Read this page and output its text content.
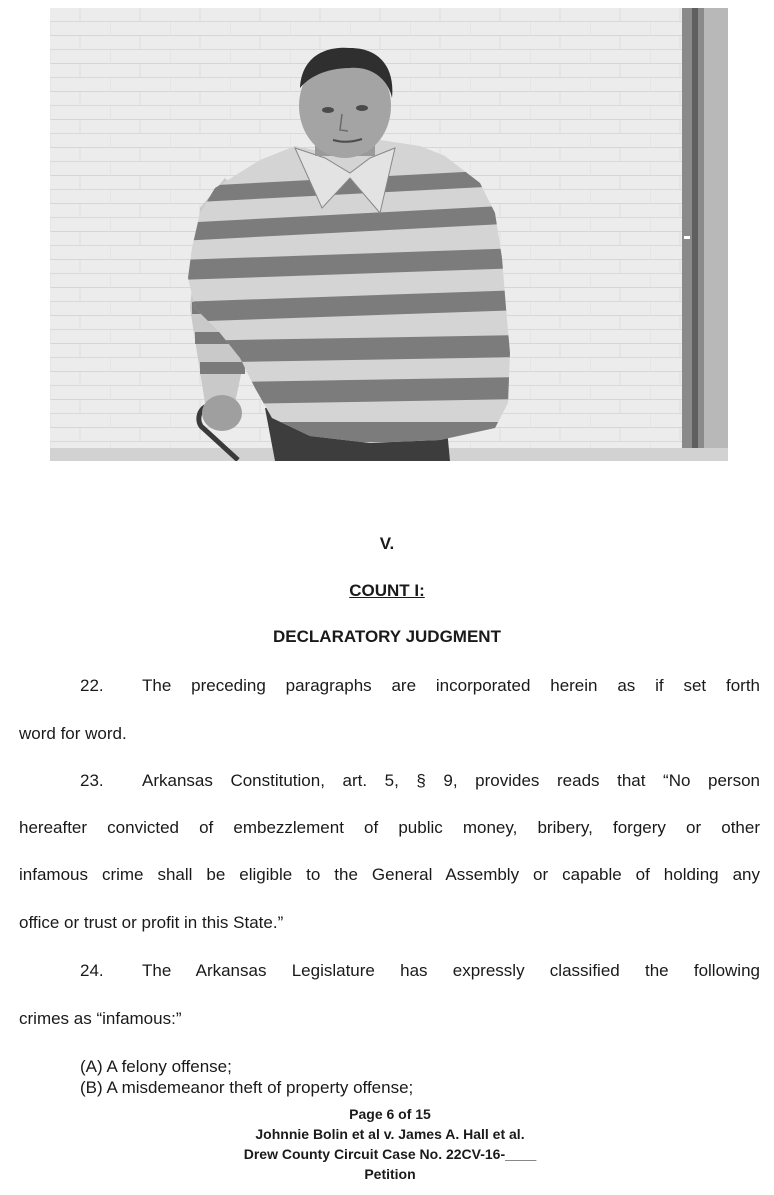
V.
COUNT I:
DECLARATORY JUDGMENT
22. The preceding paragraphs are incorporated herein as if set forth
word for word.
23. Arkansas Constitution, art. 5, § 9, provides reads that “No person
hereafter convicted of embezzlement of public money, bribery, forgery or other
infamous crime shall be eligible to the General Assembly or capable of holding any
office or trust or profit in this State.”
24. The Arkansas Legislature has expressly classified the following
crimes as “infamous:”
(A) A felony offense;
(B) A misdemeanor theft of property offense;
Page 6 of 15
Johnnie Bolin et al v. James A. Hall et al.
Drew County Circuit Case No. 22CV-16-____
Petition
